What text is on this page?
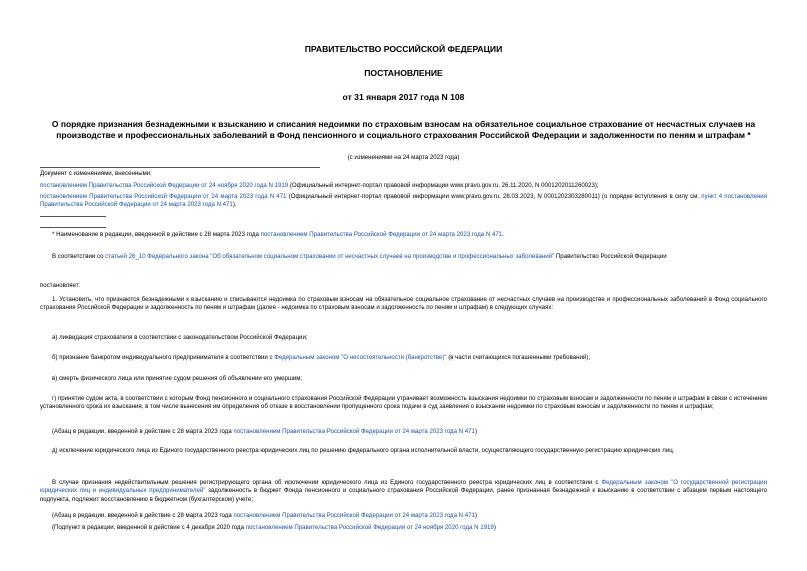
ПРАВИТЕЛЬСТВО РОССИЙСКОЙ ФЕДЕРАЦИИ
ПОСТАНОВЛЕНИЕ
от 31 января 2017 года N 108
О порядке признания безнадежными к взысканию и списания недоимки по страховым взносам на обязательное социальное страхование от несчастных случаев на производстве и профессиональных заболеваний в Фонд пенсионного и социального страхования Российской Федерации и задолженности по пеням и штрафам *
(с изменениями на 24 марта 2023 года)
Документ с изменениями, внесенными:
постановлением Правительства Российской Федерации от 24 ноября 2020 года N 1919 (Официальный интернет-портал правовой информации www.pravo.gov.ru, 26.11.2020, N 0001202011260023);
постановлением Правительства Российской Федерации от 24 марта 2023 года N 471 (Официальный интернет-портал правовой информации www.pravo.gov.ru, 28.03.2023, N 0001202303280011) (о порядке вступления в силу см. пункт 4 постановления Правительства Российской Федерации от 24 марта 2023 года N 471).
* Наименование в редакции, введенной в действие с 28 марта 2023 года постановлением Правительства Российской Федерации от 24 марта 2023 года N 471.
В соответствии со статьей 26_10 Федерального закона "Об обязательном социальном страховании от несчастных случаев на производстве и профессиональных заболеваний" Правительство Российской Федерации
постановляет:
1. Установить, что признаются безнадежными к взысканию и списываются недоимка по страховым взносам на обязательное социальное страхование от несчастных случаев на производстве и профессиональных заболеваний в Фонд социального страхования Российской Федерации и задолженность по пеням и штрафам (далее - недоимка по страховым взносам и задолженность по пеням и штрафам) в следующих случаях:
а) ликвидация страхователя в соответствии с законодательством Российской Федерации;
б) признание банкротом индивидуального предпринимателя в соответствии с Федеральным законом "О несостоятельности (банкротстве)" (в части считающихся погашенными требований);
в) смерть физического лица или принятие судом решения об объявлении его умершим;
г) принятие судом акта, в соответствии с которым Фонд пенсионного и социального страхования Российской Федерации утрачивает возможность взыскания недоимки по страховым взносам и задолженности по пеням и штрафам в связи с истечением установленного срока их взыскания, в том числе вынесения им определения об отказе в восстановлении пропущенного срока подачи в суд заявления о взыскании недоимки по страховым взносам и задолженности по пеням и штрафам;
(Абзац в редакции, введенной в действие с 28 марта 2023 года постановлением Правительства Российской Федерации от 24 марта 2023 года N 471)
д) исключение юридического лица из Единого государственного реестра юридических лиц по решению федерального органа исполнительной власти, осуществляющего государственную регистрацию юридических лиц.
В случае признания недействительным решения регистрирующего органа об исключении юридического лица из Единого государственного реестра юридических лиц в соответствии с Федеральным законом "О государственной регистрации юридических лиц и индивидуальных предпринимателей" задолженность в бюджет Фонда пенсионного и социального страхования Российской Федерации, ранее признанная безнадежной к взысканию в соответствии с абзацем первым настоящего подпункта, подлежит восстановлению в бюджетном (бухгалтерском) учете;
(Абзац в редакции, введенной в действие с 28 марта 2023 года постановлением Правительства Российской Федерации от 24 марта 2023 года N 471)
(Подпункт в редакции, введенной в действие с 4 декабря 2020 года постановлением Правительства Российской Федерации от 24 ноября 2020 года N 1919)
